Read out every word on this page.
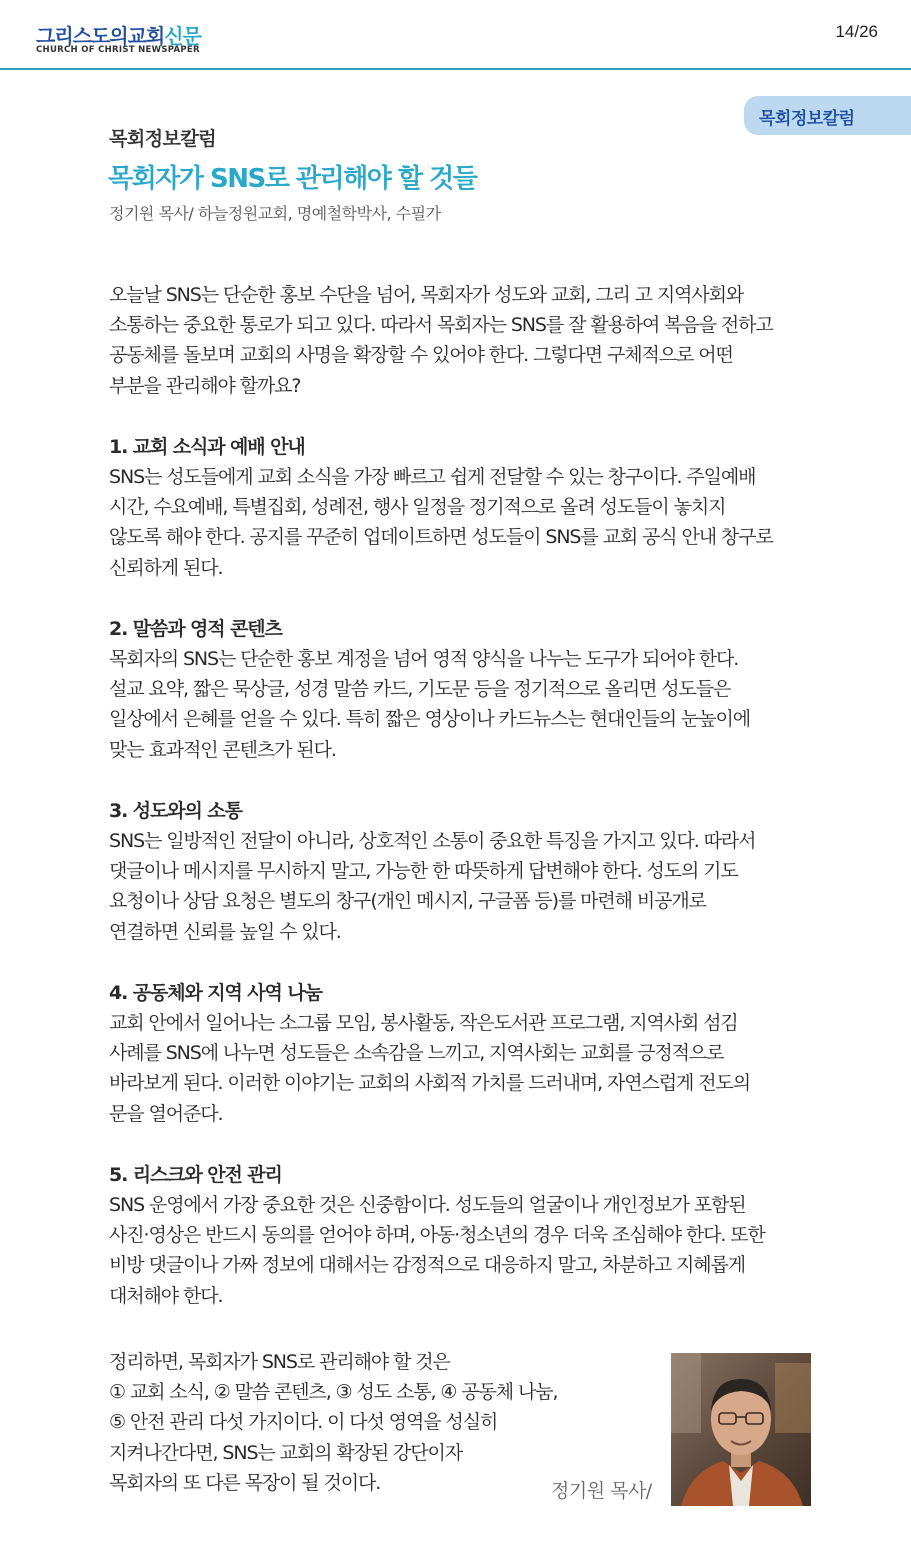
그리스도의교회신문
CHURCH OF CHRIST NEWSPAPER
14/26
목회정보칼럼
목회정보칼럼
목회자가 SNS로 관리해야 할 것들
정기원 목사/ 하늘정원교회, 명예철학박사, 수필가
오늘날 SNS는 단순한 홍보 수단을 넘어, 목회자가 성도와 교회, 그리 고 지역사회와
소통하는 중요한 통로가 되고 있다. 따라서 목회자는 SNS를 잘 활용하여 복음을 전하고
공동체를 돌보며 교회의 사명을 확장할 수 있어야 한다. 그렇다면 구체적으로 어떤
부분을 관리해야 할까요?
1. 교회 소식과 예배 안내
SNS는 성도들에게 교회 소식을 가장 빠르고 쉽게 전달할 수 있는 창구이다. 주일예배
시간, 수요예배, 특별집회, 성례전, 행사 일정을 정기적으로 올려 성도들이 놓치지
않도록 해야 한다. 공지를 꾸준히 업데이트하면 성도들이 SNS를 교회 공식 안내 창구로
신뢰하게 된다.
2. 말씀과 영적 콘텐츠
목회자의 SNS는 단순한 홍보 계정을 넘어 영적 양식을 나누는 도구가 되어야 한다.
설교 요약, 짧은 묵상글, 성경 말씀 카드, 기도문 등을 정기적으로 올리면 성도들은
일상에서 은혜를 얻을 수 있다. 특히 짧은 영상이나 카드뉴스는 현대인들의 눈높이에
맞는 효과적인 콘텐츠가 된다.
3. 성도와의 소통
SNS는 일방적인 전달이 아니라, 상호적인 소통이 중요한 특징을 가지고 있다. 따라서
댓글이나 메시지를 무시하지 말고, 가능한 한 따뜻하게 답변해야 한다. 성도의 기도
요청이나 상담 요청은 별도의 창구(개인 메시지, 구글폼 등)를 마련해 비공개로
연결하면 신뢰를 높일 수 있다.
4. 공동체와 지역 사역 나눔
교회 안에서 일어나는 소그룹 모임, 봉사활동, 작은도서관 프로그램, 지역사회 섬김
사례를 SNS에 나누면 성도들은 소속감을 느끼고, 지역사회는 교회를 긍정적으로
바라보게 된다. 이러한 이야기는 교회의 사회적 가치를 드러내며, 자연스럽게 전도의
문을 열어준다.
5. 리스크와 안전 관리
SNS 운영에서 가장 중요한 것은 신중함이다. 성도들의 얼굴이나 개인정보가 포함된
사진·영상은 반드시 동의를 얻어야 하며, 아동·청소년의 경우 더욱 조심해야 한다. 또한
비방 댓글이나 가짜 정보에 대해서는 감정적으로 대응하지 말고, 차분하고 지혜롭게
대처해야 한다.
정리하면, 목회자가 SNS로 관리해야 할 것은
① 교회 소식, ② 말씀 콘텐츠, ③ 성도 소통, ④ 공동체 나눔,
⑤ 안전 관리 다섯 가지이다. 이 다섯 영역을 성실히
지켜나간다면, SNS는 교회의 확장된 강단이자
목회자의 또 다른 목장이 될 것이다.	정기원 목사/
